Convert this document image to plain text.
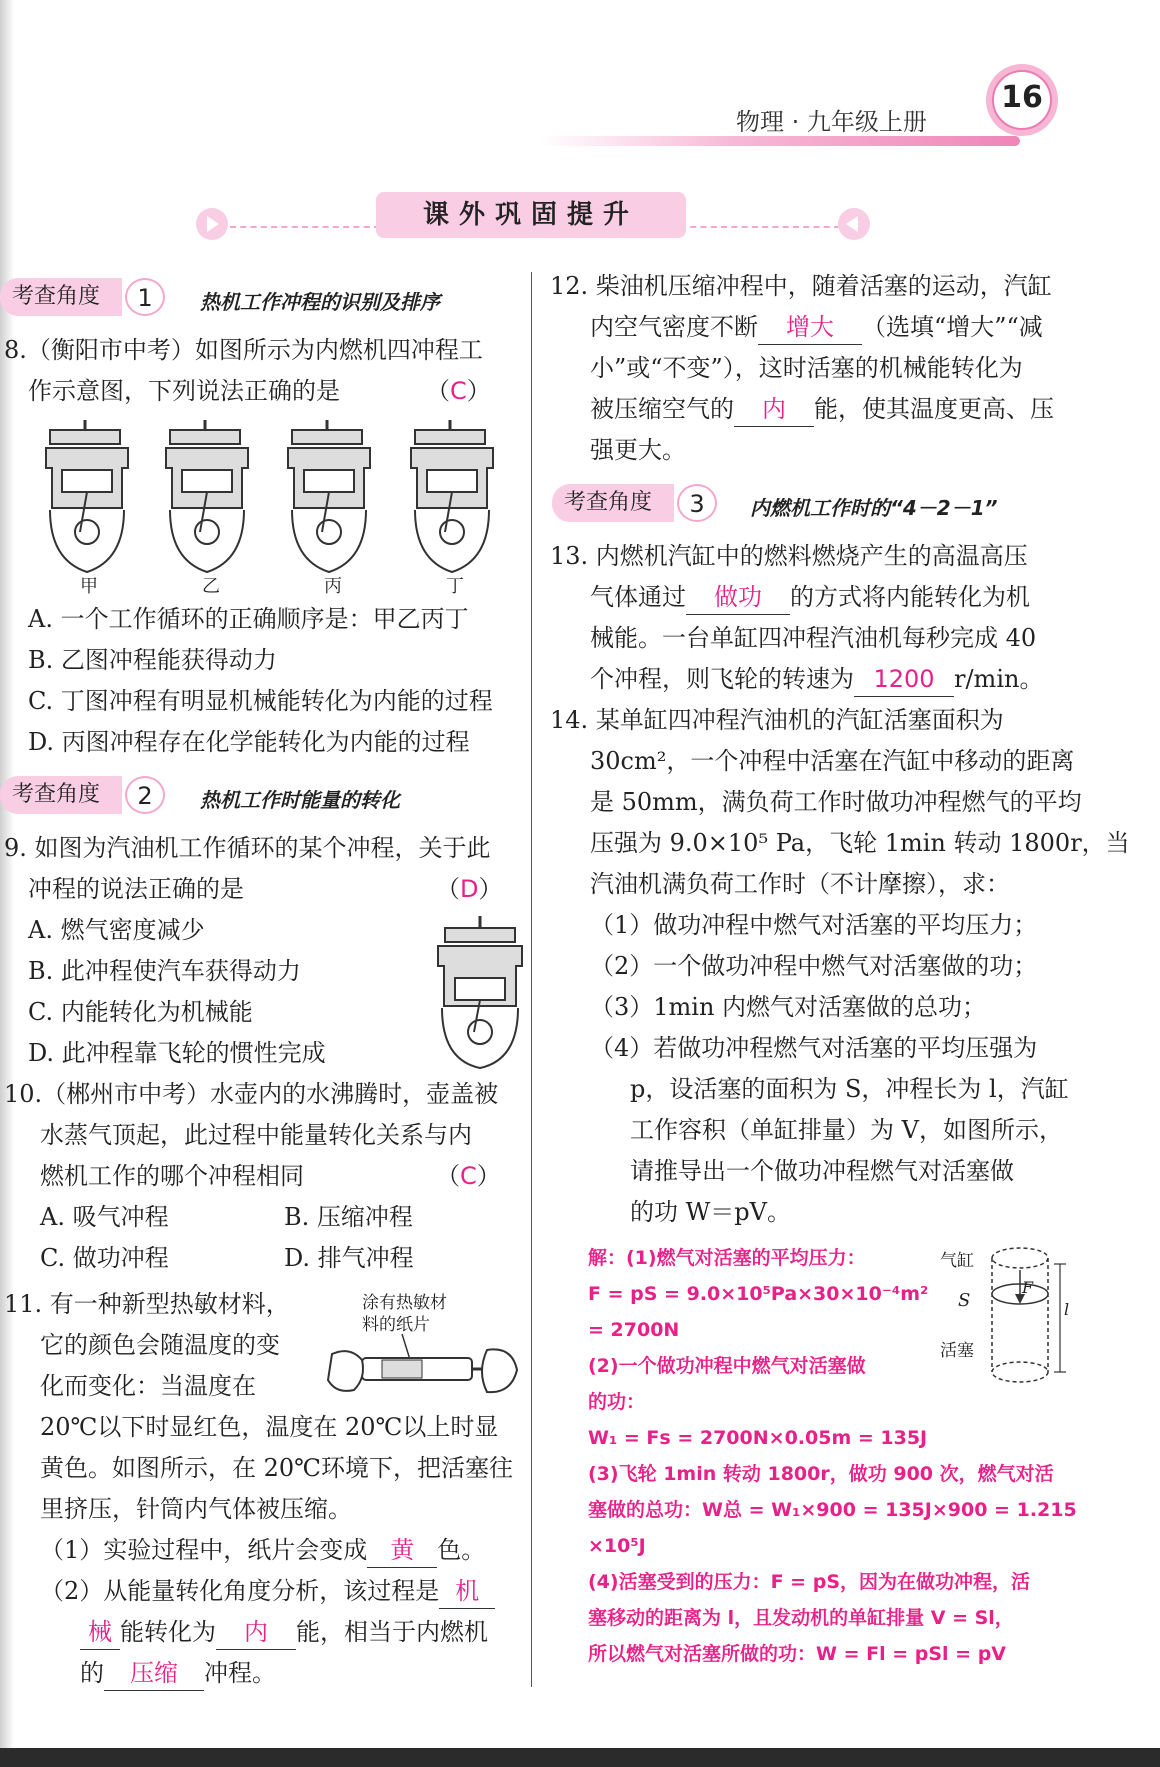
物理 · 九年级上册
16
课外巩固提升
考查角度	1	热机工作冲程的识别及排序
8.（衡阳市中考）如图所示为内燃机四冲程工
作示意图，下列说法正确的是	（C）
甲	乙	丙	丁
A. 一个工作循环的正确顺序是：甲乙丙丁
B. 乙图冲程能获得动力
C. 丁图冲程有明显机械能转化为内能的过程
D. 丙图冲程存在化学能转化为内能的过程
考查角度	2	热机工作时能量的转化
9. 如图为汽油机工作循环的某个冲程，关于此
冲程的说法正确的是	（D）
A. 燃气密度减少
B. 此冲程使汽车获得动力
C. 内能转化为机械能
D. 此冲程靠飞轮的惯性完成
10.（郴州市中考）水壶内的水沸腾时，壶盖被
水蒸气顶起，此过程中能量转化关系与内
燃机工作的哪个冲程相同	（C）
A. 吸气冲程	B. 压缩冲程
C. 做功冲程	D. 排气冲程
11. 有一种新型热敏材料，
它的颜色会随温度的变
化而变化：当温度在
涂有热敏材
料的纸片
20℃以下时显红色，温度在 20℃以上时显
黄色。如图所示，在 20℃环境下，把活塞往
里挤压，针筒内气体被压缩。
（1）实验过程中，纸片会变成 黄 色。
（2）从能量转化角度分析，该过程是 机
械 能转化为 内 能，相当于内燃机
的 压缩 冲程。
12. 柴油机压缩冲程中，随着活塞的运动，汽缸
内空气密度不断 增大 （选填“增大”“减
小”或“不变”），这时活塞的机械能转化为
被压缩空气的 内 能，使其温度更高、压
强更大。
考查角度	3	内燃机工作时的“4－2－1”
13. 内燃机汽缸中的燃料燃烧产生的高温高压
气体通过 做功 的方式将内能转化为机
械能。一台单缸四冲程汽油机每秒完成 40
个冲程，则飞轮的转速为 1200 r/min。
14. 某单缸四冲程汽油机的汽缸活塞面积为
30cm²，一个冲程中活塞在汽缸中移动的距离
是 50mm，满负荷工作时做功冲程燃气的平均
压强为 9.0×10⁵ Pa，飞轮 1min 转动 1800r，当
汽油机满负荷工作时（不计摩擦），求：
（1）做功冲程中燃气对活塞的平均压力；
（2）一个做功冲程中燃气对活塞做的功；
（3）1min 内燃气对活塞做的总功；
（4）若做功冲程燃气对活塞的平均压强为
p，设活塞的面积为 S，冲程长为 l，汽缸
工作容积（单缸排量）为 V，如图所示，
请推导出一个做功冲程燃气对活塞做
的功 W＝pV。
气缸
S
F
l
活塞
解：(1)燃气对活塞的平均压力：
F = pS = 9.0×10⁵Pa×30×10⁻⁴m²
= 2700N
(2)一个做功冲程中燃气对活塞做
的功：
W₁ = Fs = 2700N×0.05m = 135J
(3)飞轮 1min 转动 1800r，做功 900 次，燃气对活
塞做的总功：W总 = W₁×900 = 135J×900 = 1.215
×10⁵J
(4)活塞受到的压力：F = pS，因为在做功冲程，活
塞移动的距离为 l，且发动机的单缸排量 V = Sl，
所以燃气对活塞所做的功：W = Fl = pSl = pV
